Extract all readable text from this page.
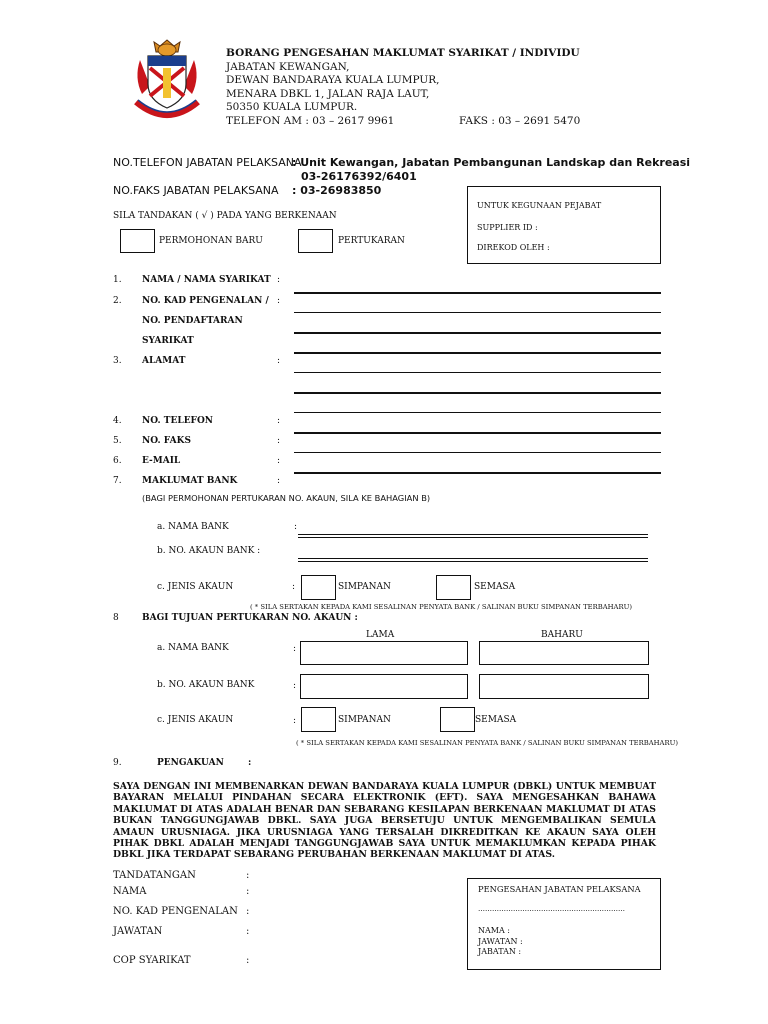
BORANG PENGESAHAN MAKLUMAT SYARIKAT / INDIVIDU
JABATAN KEWANGAN,
DEWAN BANDARAYA KUALA LUMPUR,
MENARA DBKL 1, JALAN RAJA LAUT,
50350 KUALA LUMPUR.
TELEFON AM : 03 – 2617 9961	FAKS : 03 – 2691 5470
NO.TELEFON JABATAN PELAKSANA
: Unit Kewangan, Jabatan Pembangunan Landskap dan Rekreasi
03-26176392/6401
NO.FAKS JABATAN PELAKSANA : 03-26983850
UNTUK KEGUNAAN PEJABAT
SUPPLIER ID :
DIREKOD OLEH :
SILA TANDAKAN ( √ ) PADA YANG BERKENAAN
PERMOHONAN BARU	PERTUKARAN
1. NAMA / NAMA SYARIKAT :
2. NO. KAD PENGENALAN / :
NO. PENDAFTARAN
SYARIKAT
3. ALAMAT	:
4. NO. TELEFON	:
5. NO. FAKS	:
6. E-MAIL	:
7. MAKLUMAT BANK	:
(BAGI PERMOHONAN PERTUKARAN NO. AKAUN, SILA KE BAHAGIAN B)
a. NAMA BANK	:
b. NO. AKAUN BANK :
c. JENIS AKAUN	:	SIMPANAN	SEMASA
( * SILA SERTAKAN KEPADA KAMI SESALINAN PENYATA BANK / SALINAN BUKU SIMPANAN TERBAHARU)
8	BAGI TUJUAN PERTUKARAN NO. AKAUN :
LAMA	BAHARU
a. NAMA BANK	:
b. NO. AKAUN BANK	:
c. JENIS AKAUN	:	SIMPANAN	SEMASA
( * SILA SERTAKAN KEPADA KAMI SESALINAN PENYATA BANK / SALINAN BUKU SIMPANAN TERBAHARU)
9.	PENGAKUAN	:
SAYA DENGAN INI MEMBENARKAN DEWAN BANDARAYA KUALA LUMPUR (DBKL) UNTUK MEMBUAT BAYARAN MELALUI PINDAHAN SECARA ELEKTRONIK (EFT). SAYA MENGESAHKAN BAHAWA MAKLUMAT DI ATAS ADALAH BENAR DAN SEBARANG KESILAPAN BERKENAAN MAKLUMAT DI ATAS BUKAN TANGGUNGJAWAB DBKL. SAYA JUGA BERSETUJU UNTUK MENGEMBALIKAN SEMULA AMAUN URUSNIAGA. JIKA URUSNIAGA YANG TERSALAH DIKREDITKAN KE AKAUN SAYA OLEH PIHAK DBKL ADALAH MENJADI TANGGUNGJAWAB SAYA UNTUK MEMAKLUMKAN KEPADA PIHAK DBKL JIKA TERDAPAT SEBARANG PERUBAHAN BERKENAAN MAKLUMAT DI ATAS.
TANDATANGAN	:
NAMA	:
NO. KAD PENGENALAN :
JAWATAN	:
COP SYARIKAT	:
PENGESAHAN JABATAN PELAKSANA
………………………………………………………
NAMA :
JAWATAN :
JABATAN :
